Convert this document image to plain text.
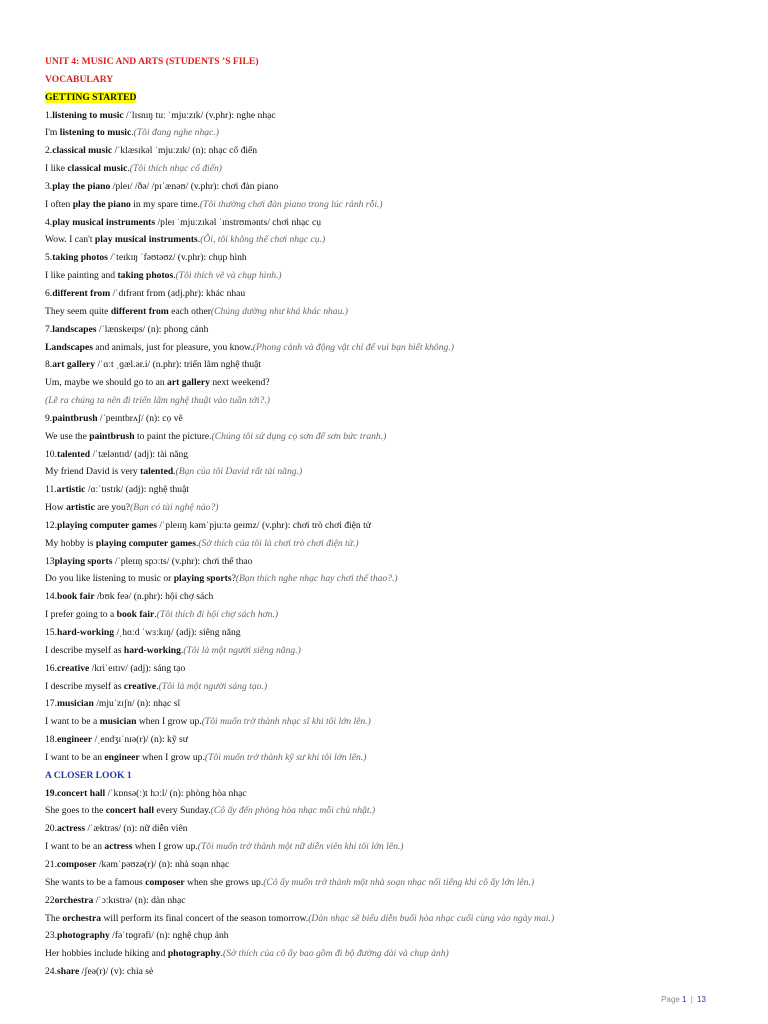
UNIT 4: MUSIC AND ARTS (STUDENTS ’S FILE)
VOCABULARY
GETTING STARTED
1.listening to music /ˈlɪsnɪŋ tuː ˈmjuːzɪk/ (v.phr): nghe nhạc
I'm listening to music.(Tôi đang nghe nhạc.)
2.classical music /ˈklæsɪkəl ˈmjuːzɪk/ (n): nhạc cổ điển
I like classical music.(Tôi thích nhạc cổ điển)
3.play the piano /pleɪ/ /ðə/ /pɪˈænəʊ/ (v.phr): chơi đàn piano
I often play the piano in my spare time.(Tôi thường chơi đàn piano trong lúc rảnh rỗi.)
4.play musical instruments /pleɪ ˈmjuːzɪkəl ˈɪnstrʊmənts/ chơi nhạc cụ
Wow. I can't play musical instruments.(Ôi, tôi không thể chơi nhạc cụ.)
5.taking photos /ˈteɪkɪŋ ˈfəʊtəʊz/ (v.phr): chụp hình
I like painting and taking photos.(Tôi thích vẽ và chụp hình.)
6.different from /ˈdɪfrənt frɒm (adj.phr): khác nhau
They seem quite different from each other(Chúng dường như khá khác nhau.)
7.landscapes /ˈlænskeɪps/ (n): phong cảnh
Landscapes and animals, just for pleasure, you know.(Phong cảnh và động vật chỉ để vui bạn biết không.)
8.art gallery /ˈɑːt ˌɡæl.ər.i/ (n.phr): triển lãm nghệ thuật
Um, maybe we should go to an art gallery next weekend?
(Lẽ ra chúng ta nên đi triển lãm nghệ thuật vào tuần tới?.)
9.paintbrush /ˈpeɪntbrʌʃ/ (n): cọ vẽ
We use the paintbrush to paint the picture.(Chúng tôi sử dụng cọ sơn để sơn bức tranh.)
10.talented /ˈtæləntɪd/ (adj): tài năng
My friend David is very talented.(Bạn của tôi David rất tài năng.)
11.artistic /ɑːˈtɪstɪk/ (adj): nghệ thuật
How artistic are you?(Bạn có tài nghệ nào?)
12.playing computer games /ˈpleɪɪŋ kəmˈpjuːtə ɡeɪmz/ (v.phr): chơi trò chơi điện tử
My hobby is playing computer games.(Sở thích của tôi là chơi trò chơi điện tử.)
13playing sports /ˈpleɪɪŋ spɔːts/ (v.phr): chơi thể thao
Do you like listening to music or playing sports?(Bạn thích nghe nhạc hay chơi thể thao?.)
14.book fair /bʊk feə/ (n.phr): hội chợ sách
I prefer going to a book fair.(Tôi thích đi hội chợ sách hơn.)
15.hard-working /ˌhɑːd ˈwɜːkɪŋ/ (adj): siêng năng
I describe myself as hard-working.(Tôi là một người siêng năng.)
16.creative /kriˈeɪtɪv/ (adj): sáng tạo
I describe myself as creative.(Tôi là một người sáng tạo.)
17.musician /mjuˈzɪʃn/ (n): nhạc sĩ
I want to be a musician when I grow up.(Tôi muốn trở thành nhạc sĩ khi tôi lớn lên.)
18.engineer /ˌendʒɪˈnɪə(r)/ (n): kỹ sư
I want to be an engineer when I grow up.(Tôi muốn trở thành kỹ sư khi tôi lớn lên.)
A CLOSER LOOK 1
19.concert hall /ˈkɒnsə(ː)t hɔːl/ (n): phòng hòa nhạc
She goes to the concert hall every Sunday.(Cô ấy đến phòng hòa nhạc mỗi chủ nhật.)
20.actress /ˈæktrəs/ (n): nữ diễn viên
I want to be an actress when I grow up.(Tôi muốn trở thành một nữ diễn viên khi tôi lớn lên.)
21.composer /kəmˈpəʊzə(r)/ (n): nhà soạn nhạc
She wants to be a famous composer when she grows up.(Cô ấy muốn trở thành một nhà soạn nhạc nổi tiếng khi cô ấy lớn lên.)
22orchestra /ˈɔːkɪstrə/ (n): dàn nhạc
The orchestra will perform its final concert of the season tomorrow.(Dàn nhạc sẽ biểu diễn buổi hòa nhạc cuối cùng vào ngày mai.)
23.photography /fəˈtɒɡrəfi/ (n): nghệ chụp ảnh
Her hobbies include hiking and photography.(Sở thích của cô ấy bao gồm đi bộ đường dài và chụp ảnh)
24.share /ʃeə(r)/ (v): chia sẻ
Page 1 | 13
